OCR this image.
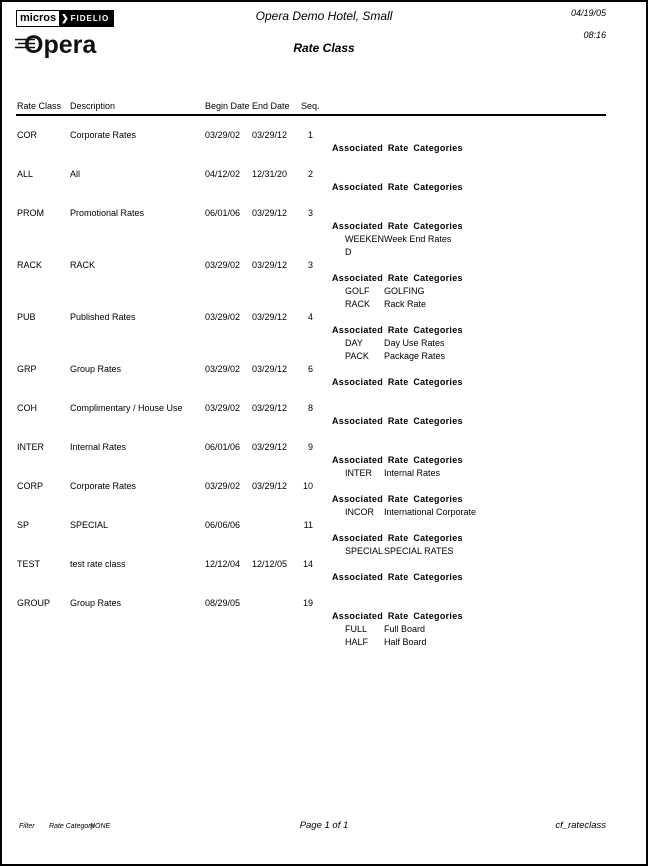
micros ❯ FIDELIO
Opera
Opera Demo Hotel, Small
Rate Class
04/19/05
08:16
Rate Class Description	Begin Date End Date Seq.
COR	Corporate Rates	03/29/02 03/29/12	1
Associated Rate Categories
ALL	All	04/12/02 12/31/20	2
Associated Rate Categories
PROM	Promotional Rates	06/01/06 03/29/12	3
Associated Rate Categories
WEEKEN Week End Rates
D
RACK	RACK	03/29/02 03/29/12	3
Associated Rate Categories
GOLF GOLFING
RACK Rack Rate
PUB	Published Rates	03/29/02 03/29/12	4
Associated Rate Categories
DAY Day Use Rates
PACK Package Rates
GRP	Group Rates	03/29/02 03/29/12	6
Associated Rate Categories
COH	Complimentary / House Use 03/29/02 03/29/12	8
Associated Rate Categories
INTER	Internal Rates	06/01/06 03/29/12	9
Associated Rate Categories
INTER Internal Rates
CORP	Corporate Rates	03/29/02 03/29/12	10
Associated Rate Categories
INCOR International Corporate
SP	SPECIAL	06/06/06	11
Associated Rate Categories
SPECIAL SPECIAL RATES
TEST	test rate class	12/12/04 12/12/05	14
Associated Rate Categories
GROUP Group Rates	08/29/05	19
Associated Rate Categories
FULL Full Board
HALF Half Board
Filter Rate Category
NONE	Page 1 of 1	cf_rateclass
